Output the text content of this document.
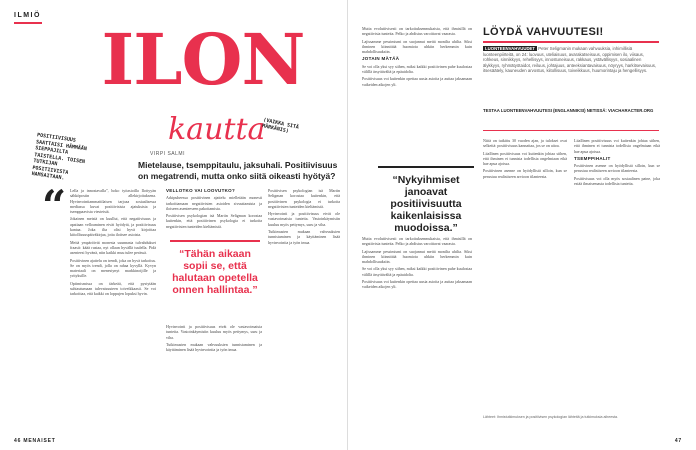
ILMIÖ
ILON
kautta
(VAIKKA SITÄ MÄRKÄNIS)
POSITIIVISUUS SAATTAISI HÄMMÄÄN SIEPPAJILTA TAISTELLA. TOISEN TUTKIJAN POSITIIVISTA HAMSAITAAN.
VIRPI SALMI
Mietelause, tsemppitaulu, jaksuhali. Positiivisuus on megatrendi, mutta onko siitä oikeasti hyötyä?
“ Lella ja innostavalla”, hoko työasioilla Ilottyyän sähköpostin allekirjoituksena. Hyvinvointiammattilaisen tarjoaa sosiaalisessa mediassa kuvat positiivisista ajatuksista ja tsemppaavista viesteistä.

Jokainen meistä on kuullut, että negatiivisuus ja apatiaan velloaminen eivät hyödytä, ja positiivisuus kantaa. Joka ilta olisi hyvä kirjoittaa kiitollisuuspäiväkirjaa, jotta iloitsee asioista.

Meitä ympäröivät monesta suunnasta tulvahdukset fraasit: käää rustaa, nyt ollaan hyvällä tuulella. Pidä asenteesi hyvänä, niin kaikki muu tulee perässä.

Positiivinen ajattelu on trendi, joka on hyvä tarkoitus. Se on myös trendi, jolla on rahaa kyvyllä. Kyvyn materiaali on menestynyt markkinoijille ja yrityksille.

Optimismissa on tärkeää, että pystytään suhtautumaan tulevaisuuteen toiveikkaasti. Se voi tarkoittaa, että kaikki on loppujen lopuksi hyvin.

VELLOTKO VAI LOOVUTKO?

Arkipuheessa positiivinen ajattelu mielletään monesti tarkoittamaan negatiivisten asioiden sivuuttamista ja iloiseen asenteeseen pakottamista.

Positiivisen psykologian isä Martin Seligman korostaa kuitenkin, että positiivinen psykologia ei tarkoita negatiivisten tunteiden kieltämistä.

“Tähän aikaan sopii se, että halutaan opetella onnen hallintaa.”

Hyvinvointi ja positiivisuus eivät ole vastavoimaisia tunteita. Vastoinkäymisiin kuuluu myös pettymys, suru ja viha.

Tutkimusten mukaan vahvuuksien tunnistaminen ja käyttäminen lisää hyvinvointia ja työn imua.

Positiivisen psykologian isä Martin Seligman korostaa kuitenkin, että positiivinen psykologia ei tarkoita negatiivisten tunteiden kieltämistä.

Hyvinvointi ja positiivisuus eivät ole vastavoimaisia tunteita. Vastoinkäymisiin kuuluu myös pettymys, suru ja viha.

Tutkimusten mukaan vahvuuksien tunnistaminen ja käyttäminen lisää hyvinvointia ja työn imua.

Mutta evolutiivisesti on tarkoituksenmukaista, että ihmisillä on negatiivisia tunteita. Pelko ja ahdistus varoittavat vaarasta.

Lajissamme pessimismi on suojannut meitä monilta uhilta. Siksi ihminen kiinnittää huomiota uhkiin herkemmin kuin mahdollisuuksiin.

JOTAIN MÄTÄÄ

Se voi olla yksi syy siihen, miksi kaikki positiivinen puhe kuulostaa välillä ärsyttävältä ja epäaidolta.

Positiivisuus voi kuitenkin opettaa uusia asioita ja auttaa jaksamaan vaikeiden aikojen yli.

“Nykyihmiset janoavat positiivisuutta kaikenlaisissa muodoissa.”

Mutta evolutiivisesti on tarkoituksenmukaista, että ihmisillä on negatiivisia tunteita. Pelko ja ahdistus varoittavat vaarasta.

Lajissamme pessimismi on suojannut meitä monilta uhilta. Siksi ihminen kiinnittää huomiota uhkiin herkemmin kuin mahdollisuuksiin.

Se voi olla yksi syy siihen, miksi kaikki positiivinen puhe kuulostaa välillä ärsyttävältä ja epäaidolta.

Positiivisuus voi kuitenkin opettaa uusia asioita ja auttaa jaksamaan vaikeiden aikojen yli.

LÖYDÄ VAHVUUTESI!
LUONTEENVAHVUUDET Peter Seligmanin mukaan vahvuuksia, inhimillisiä luonteenpiirteitä, on 24: luovuus, uteliaisuus, avarakatseisuus, oppimisen ilo, viisaus, rohkeus, sinnikkyys, rehellisyys, innostuneisuus, rakkaus, ystävällisyys, sosiaalinen älykkyys, ryhmätyötaidot, reiluus, johtajuus, anteeksiantavaisuus, nöyryys, harkitsevaisuus, itsesäätely, kauneuden arvostus, kiitollisuus, toiveikkuus, huumorintaju ja hengellisyys.
TESTAA LUONTEENVAHVUUTESI (ENGLANNIKSI) NETISSÄ: VIACHARACTER.ORG

Niitä on tutkittu 30 vuoden ajan, ja tulokset ovat selkeitä: positiivisuus kannattaa, jos se on aitoa.

Liiallinen positiivisuus voi kuitenkin johtaa siihen, että ihminen ei tunnista todellisia ongelmiaan eikä hae apua ajoissa.

Positiivinen asenne on hyödyllistä silloin, kun se perustuu realistiseen arvioon tilanteesta.

Liiallinen positiivisuus voi kuitenkin johtaa siihen, että ihminen ei tunnista todellisia ongelmiaan eikä hae apua ajoissa.

TSEMPPIHALIT

Positiivinen asenne on hyödyllistä silloin, kun se perustuu realistiseen arvioon tilanteesta.

Positiivisuus voi olla myös sosiaalinen paine, joka estää ilmaisemasta todellisia tunteita.

Lähteet: Ihmistutkimuksen ja positiivisen psykologian lähteitä ja tutkimuksia aiheesta.
46 MENAISET	47
